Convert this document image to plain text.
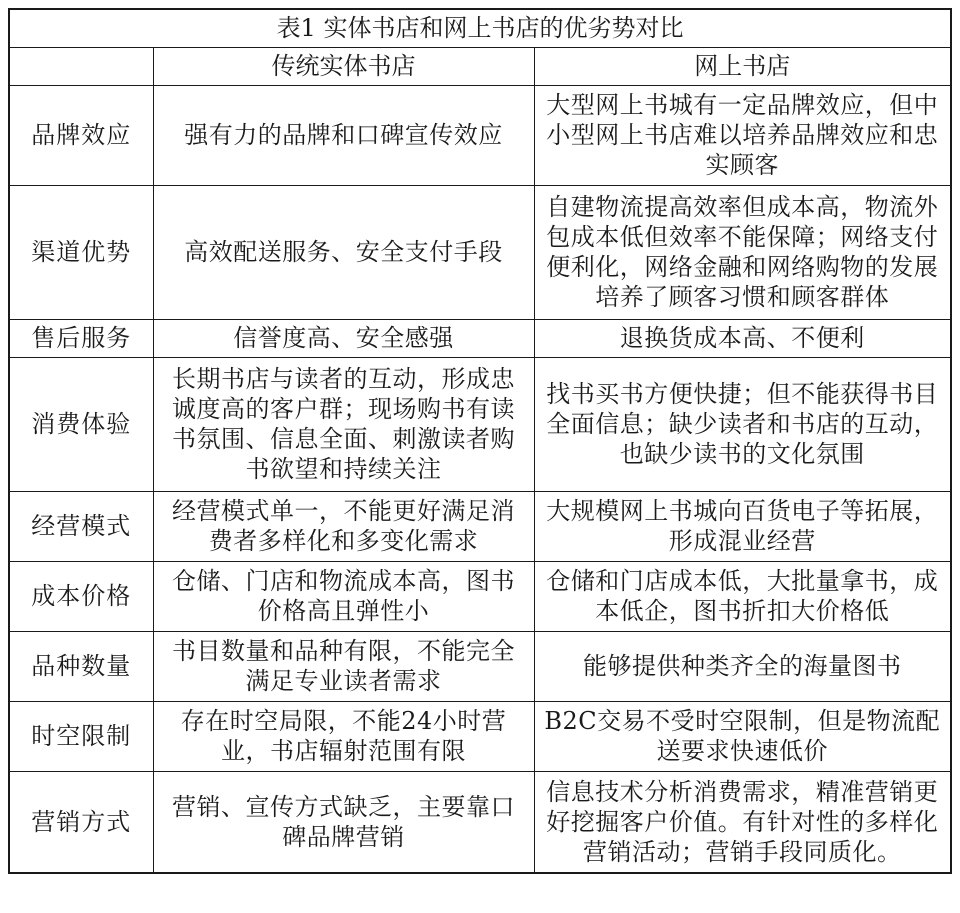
表1 实体书店和网上书店的优劣势对比		
	传统实体书店	网上书店
品牌效应	强有力的品牌和口碑宣传效应	大型网上书城有一定品牌效应，但中小型网上书店难以培养品牌效应和忠实顾客
渠道优势	高效配送服务、安全支付手段	自建物流提高效率但成本高，物流外包成本低但效率不能保障；网络支付便利化，网络金融和网络购物的发展培养了顾客习惯和顾客群体
售后服务	信誉度高、安全感强	退换货成本高、不便利
消费体验	长期书店与读者的互动，形成忠诚度高的客户群；现场购书有读书氛围、信息全面、刺激读者购书欲望和持续关注	找书买书方便快捷；但不能获得书目全面信息；缺少读者和书店的互动，也缺少读书的文化氛围
经营模式	经营模式单一，不能更好满足消费者多样化和多变化需求	大规模网上书城向百货电子等拓展，形成混业经营
成本价格	仓储、门店和物流成本高，图书价格高且弹性小	仓储和门店成本低，大批量拿书，成本低企，图书折扣大价格低
品种数量	书目数量和品种有限，不能完全满足专业读者需求	能够提供种类齐全的海量图书
时空限制	存在时空局限，不能24小时营业，书店辐射范围有限	B2C交易不受时空限制，但是物流配送要求快速低价
营销方式	营销、宣传方式缺乏，主要靠口碑品牌营销	信息技术分析消费需求，精准营销更好挖掘客户价值。有针对性的多样化营销活动；营销手段同质化。
